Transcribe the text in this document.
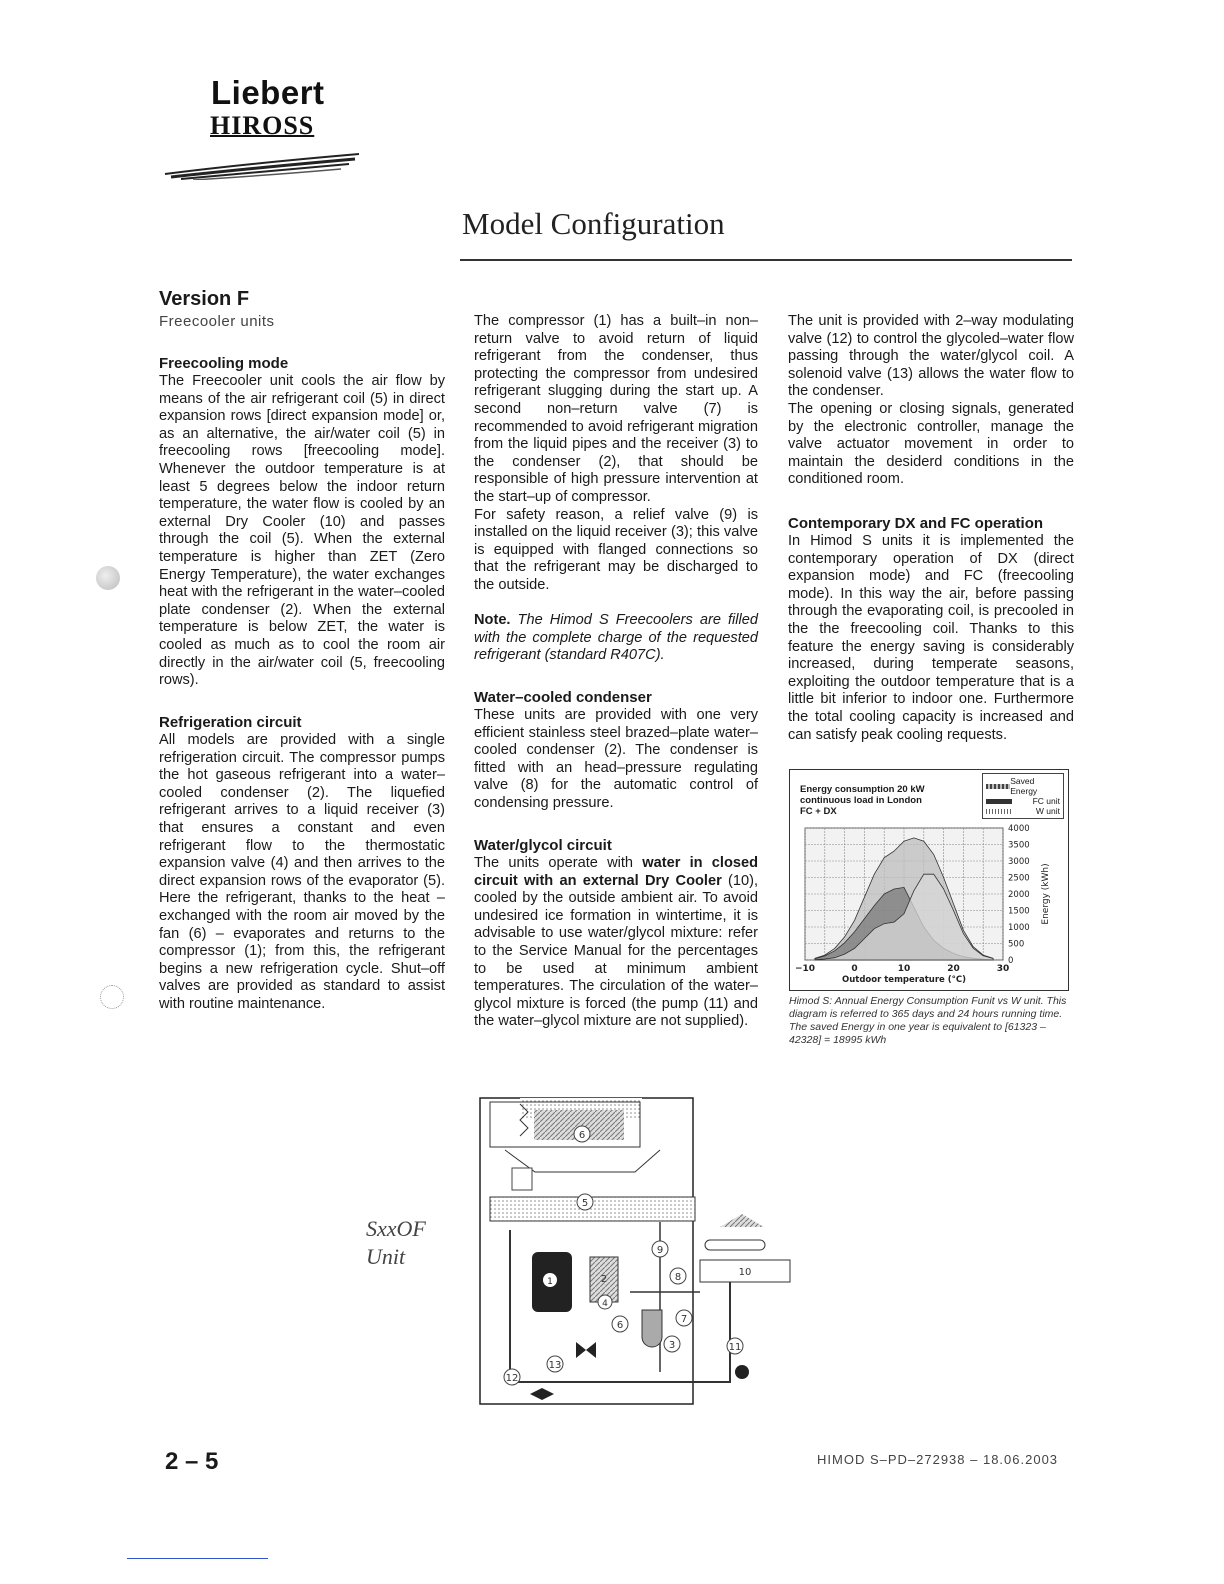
Liebert
HIROSS
Model Configuration
Version F
Freecooler units
Freecooling mode

The Freecooler unit cools the air flow by means of the air refrigerant coil (5) in direct expansion rows [direct expansion mode] or, as an alternative, the air/water coil (5) in freecooling rows [freecooling mode]. Whenever the outdoor temperature is at least 5 degrees below the indoor return temperature, the water flow is cooled by an external Dry Cooler (10) and passes through the coil (5). When the external temperature is higher than ZET (Zero Energy Temperature), the water exchanges heat with the refrigerant in the water–cooled plate condenser (2). When the external temperature is below ZET, the water is cooled as much as to cool the room air directly in the air/water coil (5, freecooling rows).

Refrigeration circuit

All models are provided with a single refrigeration circuit. The compressor pumps the hot gaseous refrigerant into a water–cooled condenser (2). The liquefied refrigerant arrives to a liquid receiver (3) that ensures a constant and even refrigerant flow to the thermostatic expansion valve (4) and then arrives to the direct expansion rows of the evaporator (5). Here the refrigerant, thanks to the heat – exchanged with the room air moved by the fan (6) – evaporates and returns to the compressor (1); from this, the refrigerant begins a new refrigeration cycle. Shut–off valves are provided as standard to assist with routine maintenance.

The compressor (1) has a built–in non–return valve to avoid return of liquid refrigerant from the condenser, thus protecting the compressor from undesired refrigerant slugging during the start up. A second non–return valve (7) is recommended to avoid refrigerant migration from the liquid pipes and the receiver (3) to the condenser (2), that should be responsible of high pressure intervention at the start–up of compressor.

For safety reason, a relief valve (9) is installed on the liquid receiver (3); this valve is equipped with flanged connections so that the refrigerant may be discharged to the outside.

Note. The Himod S Freecoolers are filled with the complete charge of the requested refrigerant (standard R407C).

Water–cooled condenser

These units are provided with one very efficient stainless steel brazed–plate water–cooled condenser (2). The condenser is fitted with an head–pressure regulating valve (8) for the automatic control of condensing pressure.

Water/glycol circuit

The units operate with water in closed circuit with an external Dry Cooler (10), cooled by the outside ambient air. To avoid undesired ice formation in wintertime, it is advisable to use water/glycol mixture: refer to the Service Manual for the percentages to be used at minimum ambient temperatures. The circulation of the water–glycol mixture is forced (the pump (11) and the water–glycol mixture are not supplied).

The unit is provided with 2–way modulating valve (12) to control the glycoled–water flow passing through the water/glycol coil. A solenoid valve (13) allows the water flow to the condenser.

The opening or closing signals, generated by the electronic controller, manage the valve actuator movement in order to maintain the desiderd conditions in the conditioned room.

Contemporary DX and FC operation

In Himod S units it is implemented the contemporary operation of DX (direct expansion mode) and FC (freecooling mode). In this way the air, before passing through the evaporating coil, is precooled in the the freecooling coil. Thanks to this feature the energy saving is considerably increased, during temperate seasons, exploiting the outdoor temperature that is a little bit inferior to indoor one. Furthermore the total cooling capacity is increased and can satisfy peak cooling requests.

Energy consumption 20 kW
continuous load in London
FC + DX
Saved Energy
FC unit
W unit
0
500
1000
1500
2000
2500
3000
3500
4000
−10	0	10	20	30
Outdoor temperature (°C)
Energy (kWh)
Himod S: Annual Energy Consumption Funit vs W unit. This diagram is referred to 365 days and 24 hours running time.
The saved Energy in one year is equivalent to [61323 – 42328] = 18995 kWh
SxxOF
Unit
6
5
1	2
3
13
11
10
7
6
9
8
12
4
2 – 5	HIMOD S–PD–272938 – 18.06.2003
